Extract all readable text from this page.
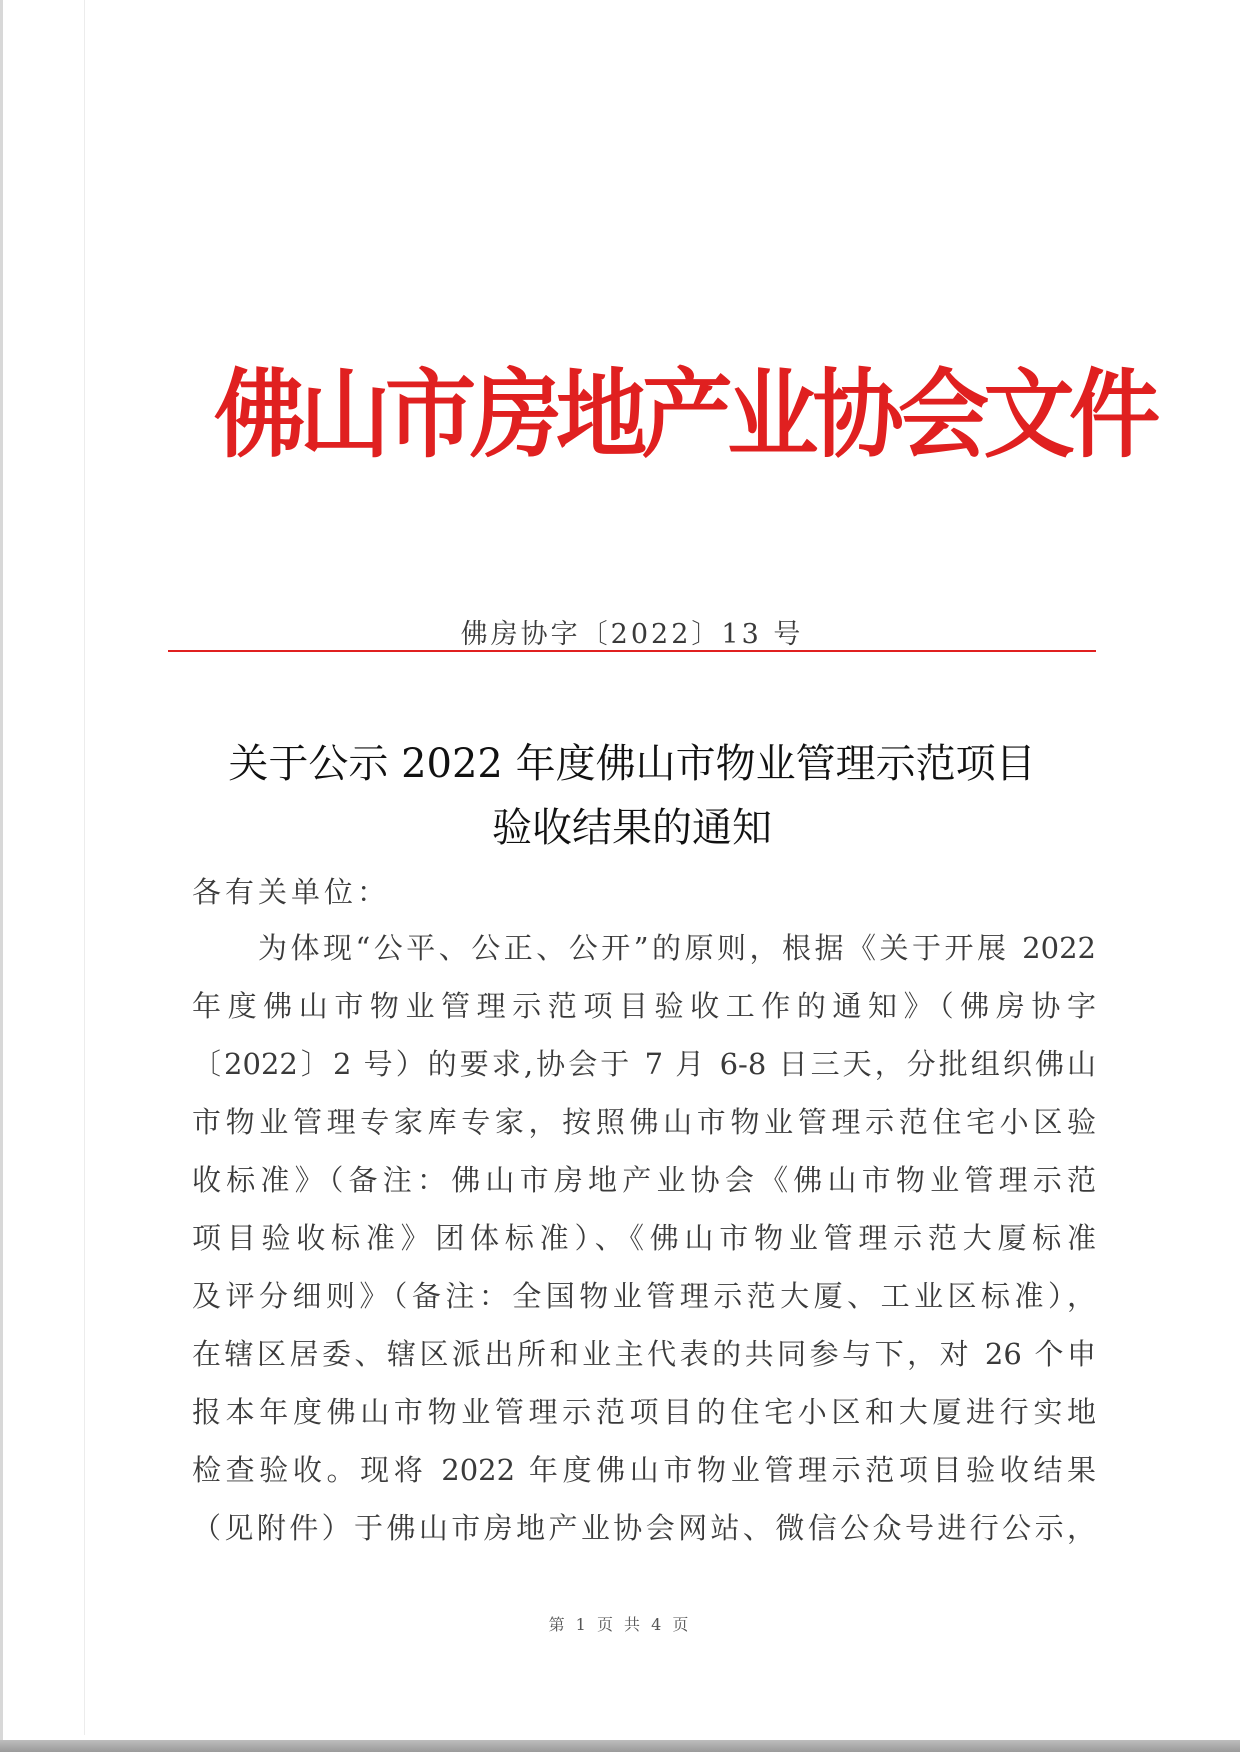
佛山市房地产业协会文件
佛房协字〔2022〕13 号
关于公示 2022 年度佛山市物业管理示范项目
验收结果的通知
各有关单位：
为体现“公平、公正、公开”的原则，根据《关于开展 2022
年度佛山市物业管理示范项目验收工作的通知》（佛房协字
〔2022〕2 号）的要求,协会于 7 月 6-8 日三天，分批组织佛山
市物业管理专家库专家，按照佛山市物业管理示范住宅小区验
收标准》（备注：佛山市房地产业协会《佛山市物业管理示范
项目验收标准》团体标准）、《佛山市物业管理示范大厦标准
及评分细则》（备注：全国物业管理示范大厦、工业区标准），
在辖区居委、辖区派出所和业主代表的共同参与下，对 26 个申
报本年度佛山市物业管理示范项目的住宅小区和大厦进行实地
检查验收。现将 2022 年度佛山市物业管理示范项目验收结果
（见附件）于佛山市房地产业协会网站、微信公众号进行公示，
第 1 页 共 4 页
